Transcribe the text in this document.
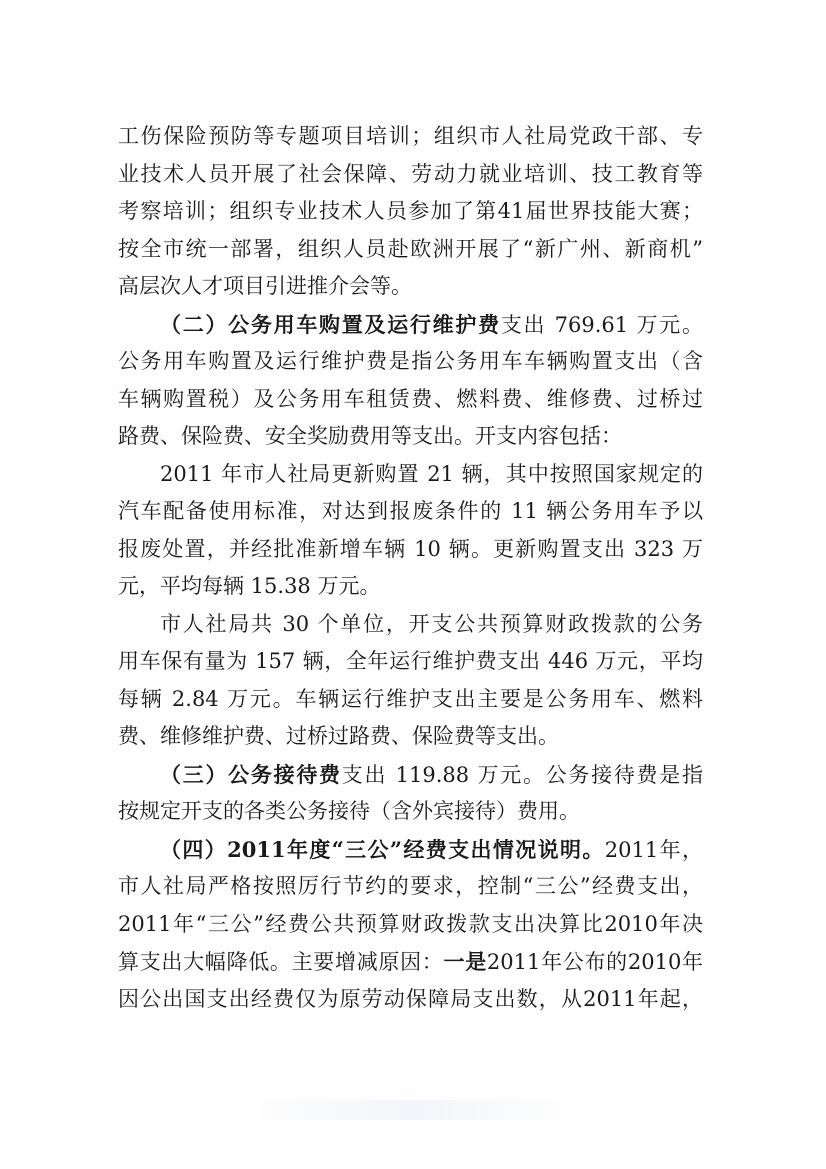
工伤保险预防等专题项目培训；组织市人社局党政干部、专
业技术人员开展了社会保障、劳动力就业培训、技工教育等
考察培训；组织专业技术人员参加了第41届世界技能大赛；
按全市统一部署，组织人员赴欧洲开展了“新广州、新商机”
高层次人才项目引进推介会等。
（二）公务用车购置及运行维护费支出 769.61 万元。
公务用车购置及运行维护费是指公务用车车辆购置支出（含
车辆购置税）及公务用车租赁费、燃料费、维修费、过桥过
路费、保险费、安全奖励费用等支出。开支内容包括：
2011 年市人社局更新购置 21 辆，其中按照国家规定的
汽车配备使用标准，对达到报废条件的 11 辆公务用车予以
报废处置，并经批准新增车辆 10 辆。更新购置支出 323 万
元，平均每辆 15.38 万元。
市人社局共 30 个单位，开支公共预算财政拨款的公务
用车保有量为 157 辆，全年运行维护费支出 446 万元，平均
每辆 2.84 万元。车辆运行维护支出主要是公务用车、燃料
费、维修维护费、过桥过路费、保险费等支出。
（三）公务接待费支出 119.88 万元。公务接待费是指
按规定开支的各类公务接待（含外宾接待）费用。
（四）2011年度“三公”经费支出情况说明。2011年，
市人社局严格按照厉行节约的要求，控制“三公”经费支出，
2011年“三公”经费公共预算财政拨款支出决算比2010年决
算支出大幅降低。主要增减原因：一是2011年公布的2010年
因公出国支出经费仅为原劳动保障局支出数，从2011年起，
